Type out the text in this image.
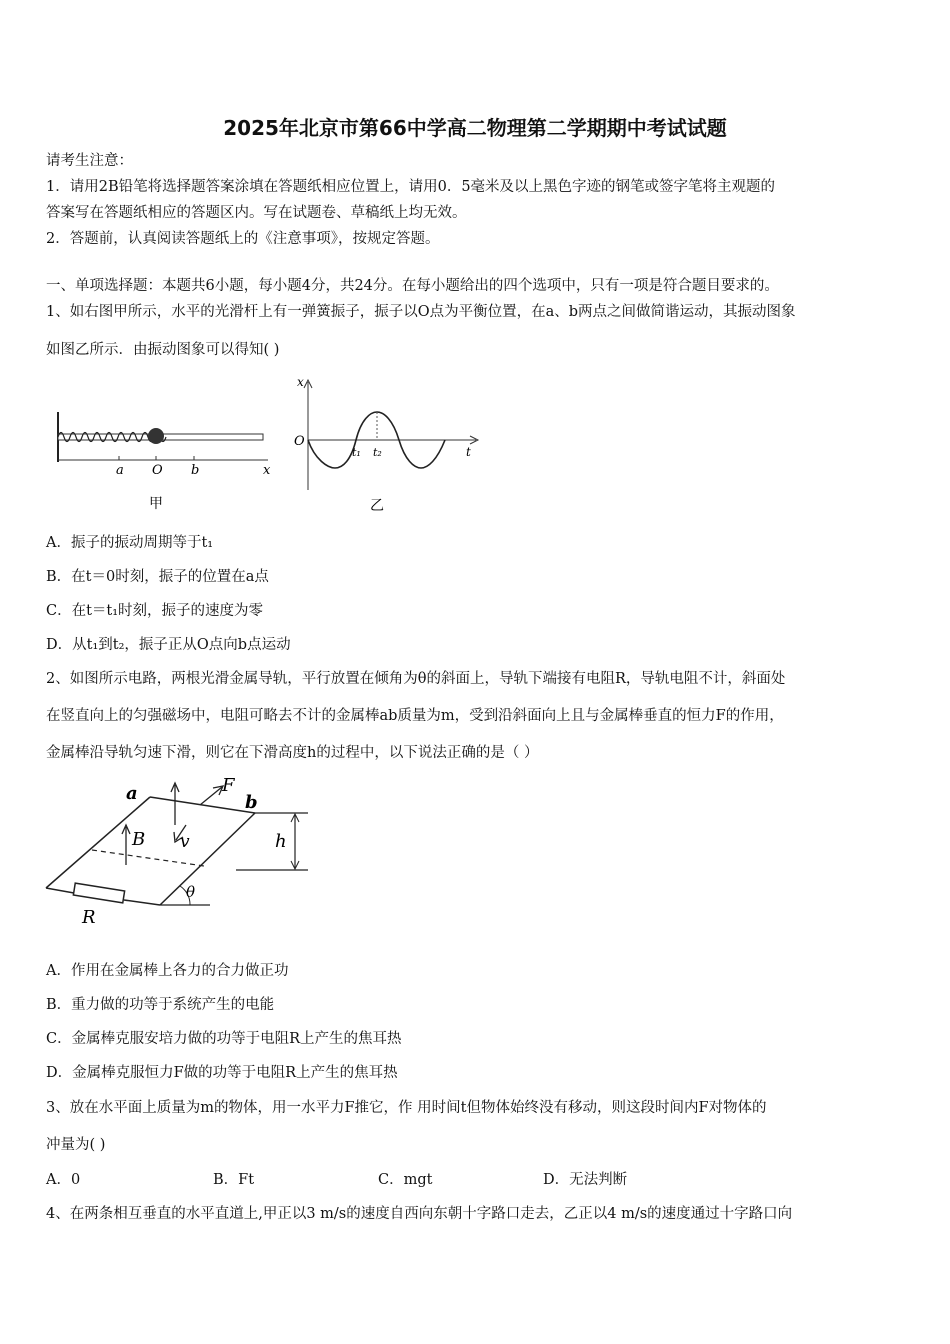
2025年北京市第66中学高二物理第二学期期中考试试题
请考生注意：
1．请用2B铅笔将选择题答案涂填在答题纸相应位置上，请用0．5毫米及以上黑色字迹的钢笔或签字笔将主观题的
答案写在答题纸相应的答题区内。写在试题卷、草稿纸上均无效。
2．答题前，认真阅读答题纸上的《注意事项》，按规定答题。
一、单项选择题：本题共6小题，每小题4分，共24分。在每小题给出的四个选项中，只有一项是符合题目要求的。
1、如右图甲所示，水平的光滑杆上有一弹簧振子，振子以O点为平衡位置，在a、b两点之间做简谐运动，其振动图象
如图乙所示．由振动图象可以得知( )
a O b	x
甲
x
O
t₁ t₂	t
乙
A．振子的振动周期等于t₁
B．在t＝0时刻，振子的位置在a点
C．在t＝t₁时刻，振子的速度为零
D．从t₁到t₂，振子正从O点向b点运动
2、如图所示电路，两根光滑金属导轨，平行放置在倾角为θ的斜面上，导轨下端接有电阻R，导轨电阻不计，斜面处
在竖直向上的匀强磁场中，电阻可略去不计的金属棒ab质量为m，受到沿斜面向上且与金属棒垂直的恒力F的作用，
金属棒沿导轨匀速下滑，则它在下滑高度h的过程中，以下说法正确的是（ ）
a	F
b
B v	h
θ
R
A．作用在金属棒上各力的合力做正功
B．重力做的功等于系统产生的电能
C．金属棒克服安培力做的功等于电阻R上产生的焦耳热
D．金属棒克服恒力F做的功等于电阻R上产生的焦耳热
3、放在水平面上质量为m的物体，用一水平力F推它，作 用时间t但物体始终没有移动，则这段时间内F对物体的
冲量为( )
A．0	B．Ft	C．mgt	D．无法判断
4、在两条相互垂直的水平直道上,甲正以3 m/s的速度自西向东朝十字路口走去，乙正以4 m/s的速度通过十字路口向
